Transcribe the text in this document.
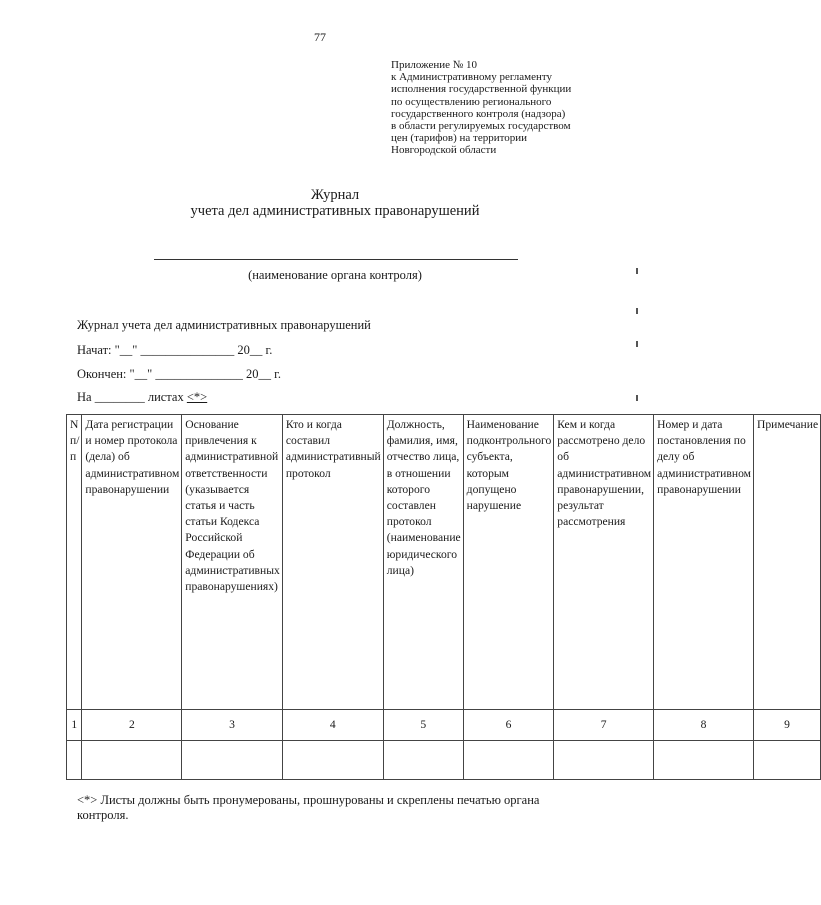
77
Приложение № 10
к Административному регламенту
исполнения государственной функции
по осуществлению регионального
государственного контроля (надзора)
в области регулируемых государством
цен (тарифов) на территории
Новгородской области
Журнал
учета дел административных правонарушений
(наименование органа контроля)
Журнал учета дел административных правонарушений
Начат: "__" _______________ 20__ г.
Окончен: "__" ______________ 20__ г.
На ________ листах <*>
N п/п	Дата регистрации и номер протокола (дела) об административном правонарушении	Основание привлечения к административной ответственности (указывается статья и часть статьи Кодекса Российской Федерации об административных правонарушениях)	Кто и когда составил административный протокол	Должность, фамилия, имя, отчество лица, в отношении которого составлен протокол (наименование юридического лица)	Наименование подконтрольного субъекта, которым допущено нарушение	Кем и когда рассмотрено дело об административном правонарушении, результат рассмотрения	Номер и дата постановления по делу об административном правонарушении	Примечание
1	2	3	4	5	6	7	8	9

<*> Листы должны быть пронумерованы, прошнурованы и скреплены печатью органа контроля.
